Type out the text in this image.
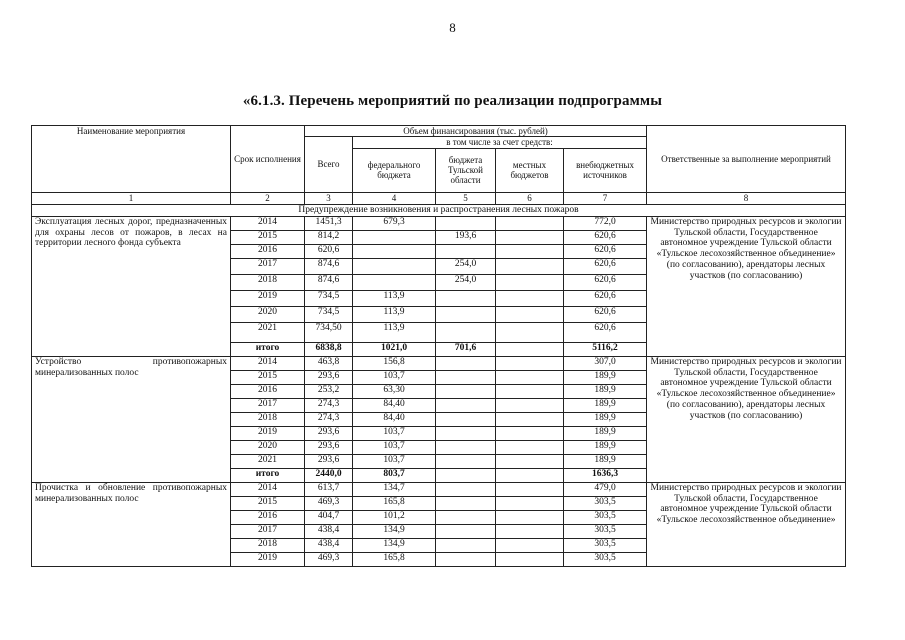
8
«6.1.3. Перечень мероприятий по реализации подпрограммы
Наименование мероприятия	Срок исполнения	Объем финансирования (тыс. рублей)					Ответственные за выполнение мероприятий
		Всего	в том числе за счет средств:				
			федерального бюджета	бюджета Тульской области	местных бюджетов	внебюджетных источников	
1	2	3	4	5	6	7	8
Предупреждение возникновения и распространения лесных пожаров							
Эксплуатация лесных дорог, предназначенных для охраны лесов от пожаров, в лесах на территории лесного фонда субъекта	2014	1451,3	679,3			772,0	Министерство природных ресурсов и экологии Тульской области, Государственное автономное учреждение Тульской области «Тульское лесохозяйственное объединение» (по согласованию), арендаторы лесных участков (по согласованию)
	2015	814,2		193,6		620,6	
	2016	620,6				620,6	
	2017	874,6		254,0		620,6	
	2018	874,6		254,0		620,6	
	2019	734,5	113,9			620,6	
	2020	734,5	113,9			620,6	
	2021	734,50	113,9			620,6	
	итого	6838,8	1021,0	701,6		5116,2	
Устройство противопожарных минерализованных полос	2014	463,8	156,8			307,0	Министерство природных ресурсов и экологии Тульской области, Государственное автономное учреждение Тульской области «Тульское лесохозяйственное объединение» (по согласованию), арендаторы лесных участков (по согласованию)
	2015	293,6	103,7			189,9	
	2016	253,2	63,30			189,9	
	2017	274,3	84,40			189,9	
	2018	274,3	84,40			189,9	
	2019	293,6	103,7			189,9	
	2020	293,6	103,7			189,9	
	2021	293,6	103,7			189,9	
	итого	2440,0	803,7			1636,3	
Прочистка и обновление противопожарных минерализованных полос	2014	613,7	134,7			479,0	Министерство природных ресурсов и экологии Тульской области, Государственное автономное учреждение Тульской области «Тульское лесохозяйственное объединение»
	2015	469,3	165,8			303,5	
	2016	404,7	101,2			303,5	
	2017	438,4	134,9			303,5	
	2018	438,4	134,9			303,5	
	2019	469,3	165,8			303,5	
